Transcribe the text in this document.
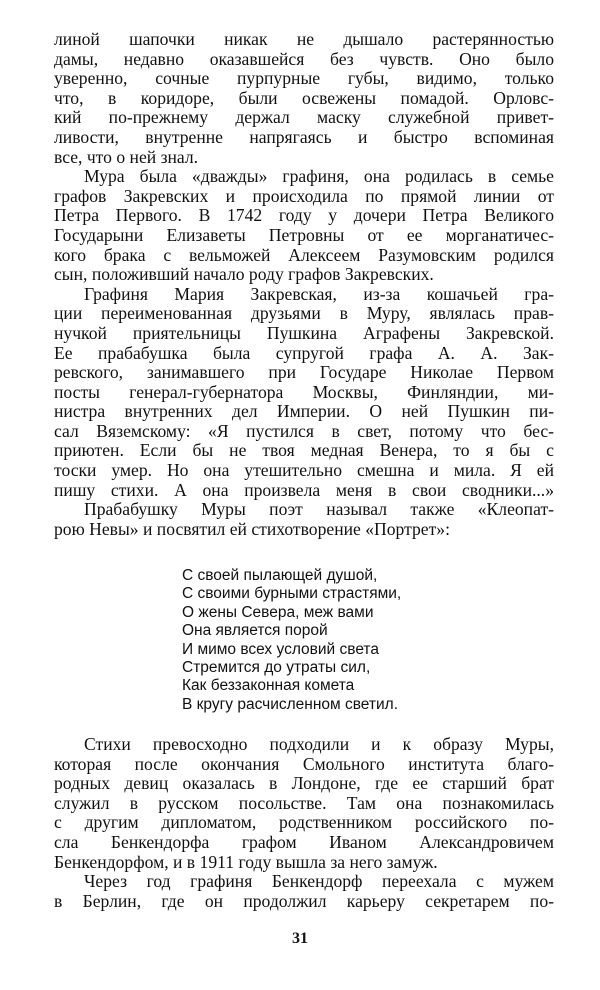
линой шапочки никак не дышало растерянностью
дамы, недавно оказавшейся без чувств. Оно было
уверенно, сочные пурпурные губы, видимо, только
что, в коридоре, были освежены помадой. Орловс-
кий по-прежнему держал маску служебной привет-
ливости, внутренне напрягаясь и быстро вспоминая
все, что о ней знал.
Мура была «дважды» графиня, она родилась в семье
графов Закревских и происходила по прямой линии от
Петра Первого. В 1742 году у дочери Петра Великого
Государыни Елизаветы Петровны от ее морганатичес-
кого брака с вельможей Алексеем Разумовским родился
сын, положивший начало роду графов Закревских.
Графиня Мария Закревская, из-за кошачьей гра-
ции переименованная друзьями в Муру, являлась прав-
нучкой приятельницы Пушкина Аграфены Закревской.
Ее прабабушка была супругой графа А. А. Зак-
ревского, занимавшего при Государе Николае Первом
посты генерал-губернатора Москвы, Финляндии, ми-
нистра внутренних дел Империи. О ней Пушкин пи-
сал Вяземскому: «Я пустился в свет, потому что бес-
приютен. Если бы не твоя медная Венера, то я бы с
тоски умер. Но она утешительно смешна и мила. Я ей
пишу стихи. А она произвела меня в свои сводники...»
Прабабушку Муры поэт называл также «Клеопат-
рою Невы» и посвятил ей стихотворение «Портрет»:
С своей пылающей душой,
С своими бурными страстями,
О жены Севера, меж вами
Она является порой
И мимо всех условий света
Стремится до утраты сил,
Как беззаконная комета
В кругу расчисленном светил.
Стихи превосходно подходили и к образу Муры,
которая после окончания Смольного института благо-
родных девиц оказалась в Лондоне, где ее старший брат
служил в русском посольстве. Там она познакомилась
с другим дипломатом, родственником российского по-
сла Бенкендорфа графом Иваном Александровичем
Бенкендорфом, и в 1911 году вышла за него замуж.
Через год графиня Бенкендорф переехала с мужем
в Берлин, где он продолжил карьеру секретарем по-
31
